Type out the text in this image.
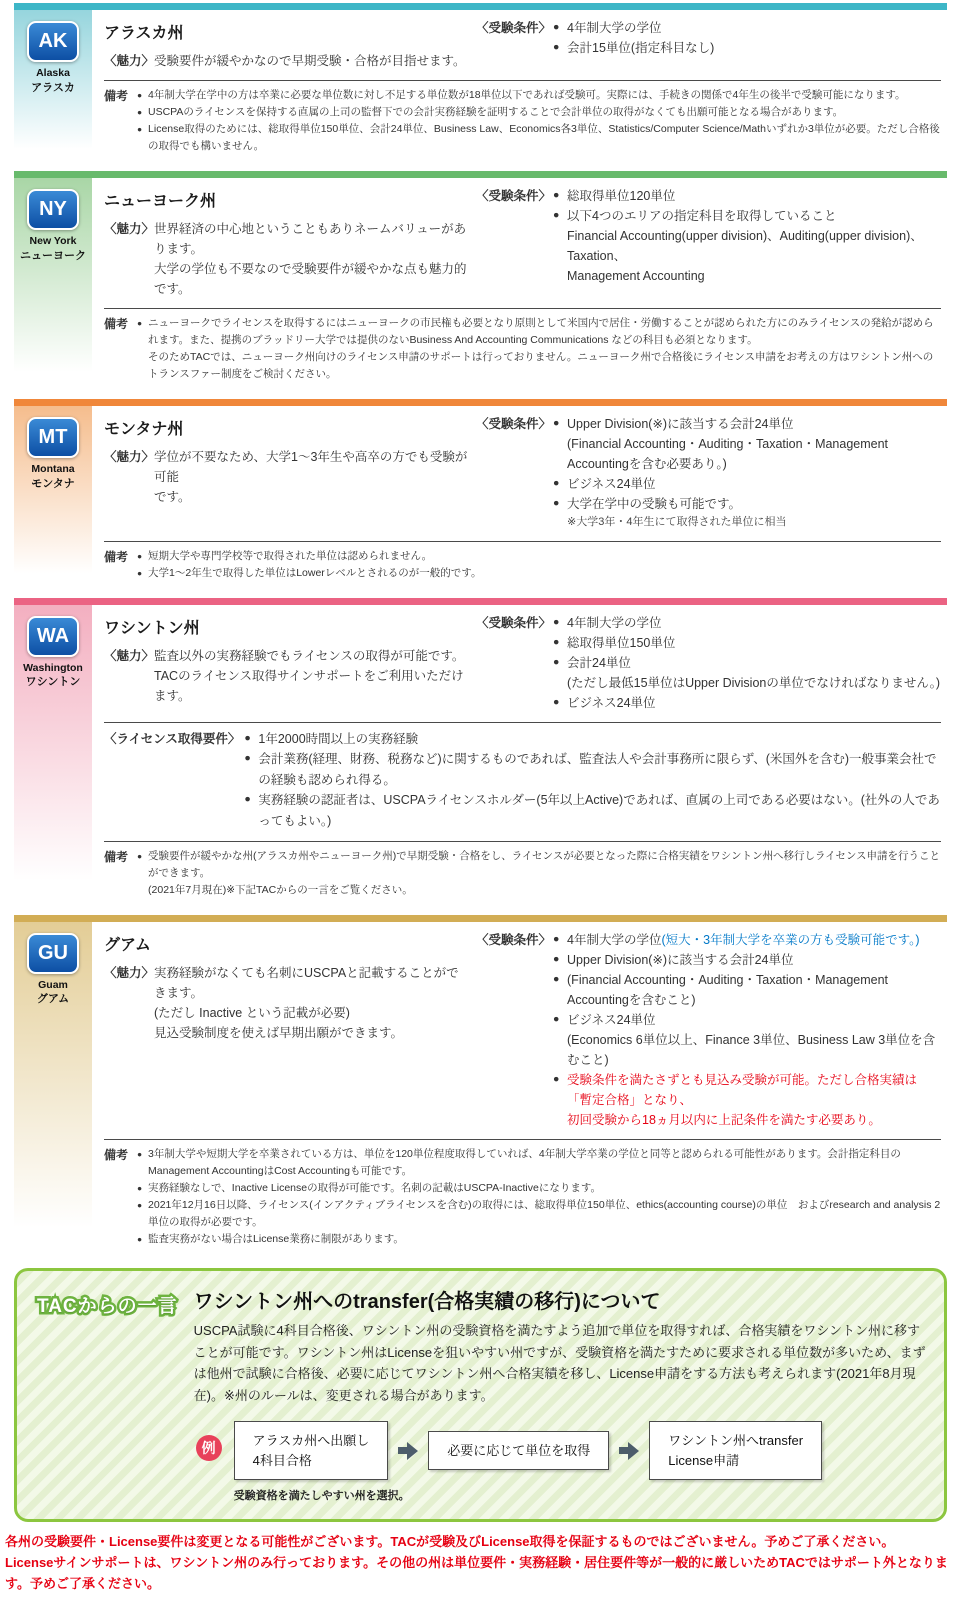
AK
Alaska
アラスカ
アラスカ州
〈魅力〉 受験要件が緩やかなので早期受験・合格が目指せます。
〈受験条件〉 ● 4年制大学の学位
● 会計15単位(指定科目なし)
備考 ● 4年制大学在学中の方は卒業に必要な単位数に対し不足する単位数が18単位以下であれば受験可。実際には、手続きの関係で4年生の後半で受験可能になります。
● USCPAのライセンスを保持する直属の上司の監督下での会計実務経験を証明することで会計単位の取得がなくても出願可能となる場合があります。
● License取得のためには、総取得単位150単位、会計24単位、Business Law、Economics各3単位、Statistics/Computer Science/Mathいずれか3単位が必要。ただし合格後の取得でも構いません。
NY
New York
ニューヨーク
ニューヨーク州
〈魅力〉 世界経済の中心地ということもありネームバリューがあります。
大学の学位も不要なので受験要件が緩やかな点も魅力的です。
〈受験条件〉 ● 総取得単位120単位
● 以下4つのエリアの指定科目を取得していること
Financial Accounting(upper division)、Auditing(upper division)、Taxation、
Management Accounting
備考 ● ニューヨークでライセンスを取得するにはニューヨークの市民権も必要となり原則として米国内で居住・労働することが認められた方にのみライセンスの発給が認められます。また、提携のブラッドリー大学では提供のないBusiness And Accounting Communications などの科目も必須となります。
そのためTACでは、ニューヨーク州向けのライセンス申請のサポートは行っておりません。ニューヨーク州で合格後にライセンス申請をお考えの方はワシントン州へのトランスファー制度をご検討ください。
MT
Montana
モンタナ
モンタナ州
〈魅力〉 学位が不要なため、大学1～3年生や高卒の方でも受験が可能
です。
〈受験条件〉 ● Upper Division(※)に該当する会計24単位
(Financial Accounting・Auditing・Taxation・Management Accountingを含む必要あり。)
● ビジネス24単位
● 大学在学中の受験も可能です。
※大学3年・4年生にて取得された単位に相当
備考 ● 短期大学や専門学校等で取得された単位は認められません。
● 大学1～2年生で取得した単位はLowerレベルとされるのが一般的です。
WA
Washington
ワシントン
ワシントン州
〈魅力〉 監査以外の実務経験でもライセンスの取得が可能です。
TACのライセンス取得サインサポートをご利用いただけます。
〈受験条件〉 ● 4年制大学の学位
● 総取得単位150単位
● 会計24単位
(ただし最低15単位はUpper Divisionの単位でなければなりません。)
● ビジネス24単位
〈ライセンス取得要件〉 ● 1年2000時間以上の実務経験
● 会計業務(経理、財務、税務など)に関するものであれば、監査法人や会計事務所に限らず、(米国外を含む)一般事業会社での経験も認められ得る。
● 実務経験の認証者は、USCPAライセンスホルダー(5年以上Active)であれば、直属の上司である必要はない。(社外の人であってもよい。)
備考 ● 受験要件が緩やかな州(アラスカ州やニューヨーク州)で早期受験・合格をし、ライセンスが必要となった際に合格実績をワシントン州へ移行しライセンス申請を行うことができます。
(2021年7月現在)※下記TACからの一言をご覧ください。
GU
Guam
グアム
グアム
〈魅力〉 実務経験がなくても名刺にUSCPAと記載することができます。
(ただし Inactive という記載が必要)
見込受験制度を使えば早期出願ができます。
〈受験条件〉 ● 4年制大学の学位(短大・3年制大学を卒業の方も受験可能です。)
● Upper Division(※)に該当する会計24単位
● (Financial Accounting・Auditing・Taxation・Management Accountingを含むこと)
● ビジネス24単位
(Economics 6単位以上、Finance 3単位、Business Law 3単位を含むこと)
● 受験条件を満たさずとも見込み受験が可能。ただし合格実績は「暫定合格」となり、
初回受験から18ヵ月以内に上記条件を満たす必要あり。
備考 ● 3年制大学や短期大学を卒業されている方は、単位を120単位程度取得していれば、4年制大学卒業の学位と同等と認められる可能性があります。会計指定科目のManagement AccountingはCost Accountingも可能です。
● 実務経験なしで、Inactive Licenseの取得が可能です。名刺の記載はUSCPA-Inactiveになります。
● 2021年12月16日以降、ライセンス(インアクティブライセンスを含む)の取得には、総取得単位150単位、ethics(accounting course)の単位　およびresearch and analysis 2単位の取得が必要です。
● 監査実務がない場合はLicense業務に制限があります。
TACからの一言 ワシントン州へのtransfer(合格実績の移行)について
USCPA試験に4科目合格後、ワシントン州の受験資格を満たすよう追加で単位を取得すれば、合格実績をワシントン州に移すことが可能です。ワシントン州はLicenseを狙いやすい州ですが、受験資格を満たすために要求される単位数が多いため、まずは他州で試験に合格後、必要に応じてワシントン州へ合格実績を移し、License申請をする方法も考えられます(2021年8月現在)。※州のルールは、変更される場合があります。
例	アラスカ州へ出願し
4科目合格
必要に応じて単位を取得
ワシントン州へtransfer
License申請
受験資格を満たしやすい州を選択。
各州の受験要件・License要件は変更となる可能性がございます。TACが受験及びLicense取得を保証するものではございません。予めご了承ください。
Licenseサインサポートは、ワシントン州のみ行っております。その他の州は単位要件・実務経験・居住要件等が一般的に厳しいためTACではサポート外となります。予めご了承ください。
